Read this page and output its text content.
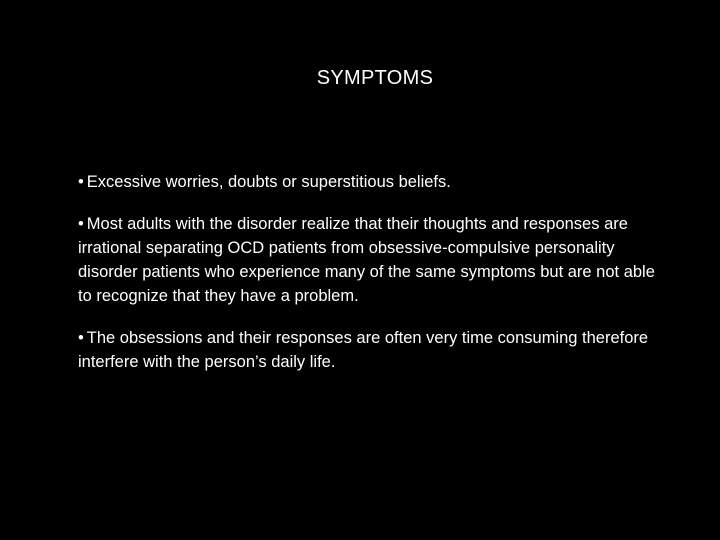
SYMPTOMS

• Excessive worries, doubts or superstitious beliefs.

• Most adults with the disorder realize that their thoughts and responses are irrational separating OCD patients from obsessive-compulsive personality disorder patients who experience many of the same symptoms but are not able to recognize that they have a problem.

• The obsessions and their responses are often very time consuming therefore interfere with the person’s daily life.
